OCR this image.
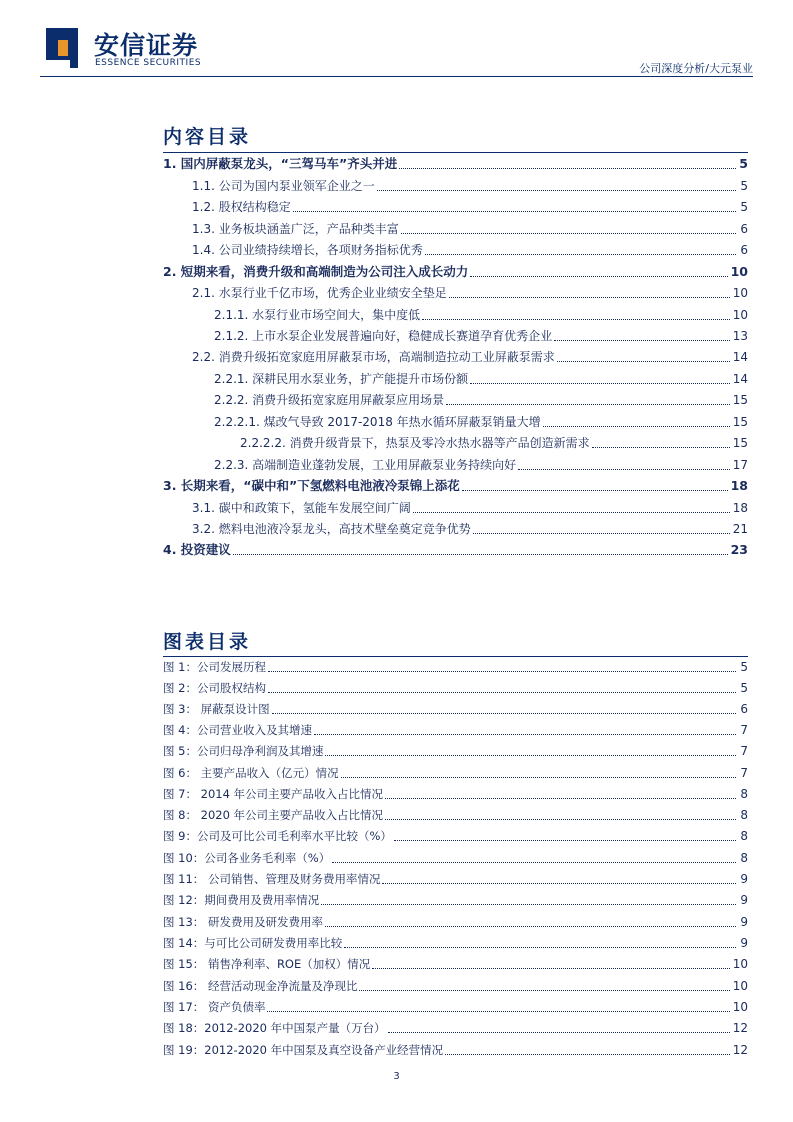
安信证券
ESSENCE SECURITIES	公司深度分析/大元泵业
内容目录
1. 国内屏蔽泵龙头，“三驾马车”齐头并进	5
1.1. 公司为国内泵业领军企业之一	5
1.2. 股权结构稳定	5
1.3. 业务板块涵盖广泛，产品种类丰富	6
1.4. 公司业绩持续增长，各项财务指标优秀	6
2. 短期来看，消费升级和高端制造为公司注入成长动力	10
2.1. 水泵行业千亿市场，优秀企业业绩安全垫足	10
2.1.1. 水泵行业市场空间大，集中度低	10
2.1.2. 上市水泵企业发展普遍向好，稳健成长赛道孕育优秀企业	13
2.2. 消费升级拓宽家庭用屏蔽泵市场，高端制造拉动工业屏蔽泵需求	14
2.2.1. 深耕民用水泵业务，扩产能提升市场份额	14
2.2.2. 消费升级拓宽家庭用屏蔽泵应用场景	15
2.2.2.1. 煤改气导致 2017-2018 年热水循环屏蔽泵销量大增	15
2.2.2.2. 消费升级背景下，热泵及零冷水热水器等产品创造新需求	15
2.2.3. 高端制造业蓬勃发展，工业用屏蔽泵业务持续向好	17
3. 长期来看，“碳中和”下氢燃料电池液冷泵锦上添花	18
3.1. 碳中和政策下，氢能车发展空间广阔	18
3.2. 燃料电池液冷泵龙头，高技术壁垒奠定竞争优势	21
4. 投资建议	23
图表目录
图 1：公司发展历程	5
图 2：公司股权结构	5
图 3： 屏蔽泵设计图	6
图 4：公司营业收入及其增速	7
图 5：公司归母净利润及其增速	7
图 6： 主要产品收入（亿元）情况	7
图 7： 2014 年公司主要产品收入占比情况	8
图 8： 2020 年公司主要产品收入占比情况	8
图 9：公司及可比公司毛利率水平比较（%）	8
图 10：公司各业务毛利率（%）	8
图 11： 公司销售、管理及财务费用率情况	9
图 12：期间费用及费用率情况	9
图 13： 研发费用及研发费用率	9
图 14：与可比公司研发费用率比较	9
图 15： 销售净利率、ROE（加权）情况	10
图 16： 经营活动现金净流量及净现比	10
图 17： 资产负债率	10
图 18：2012-2020 年中国泵产量（万台）	12
图 19：2012-2020 年中国泵及真空设备产业经营情况	12
3
